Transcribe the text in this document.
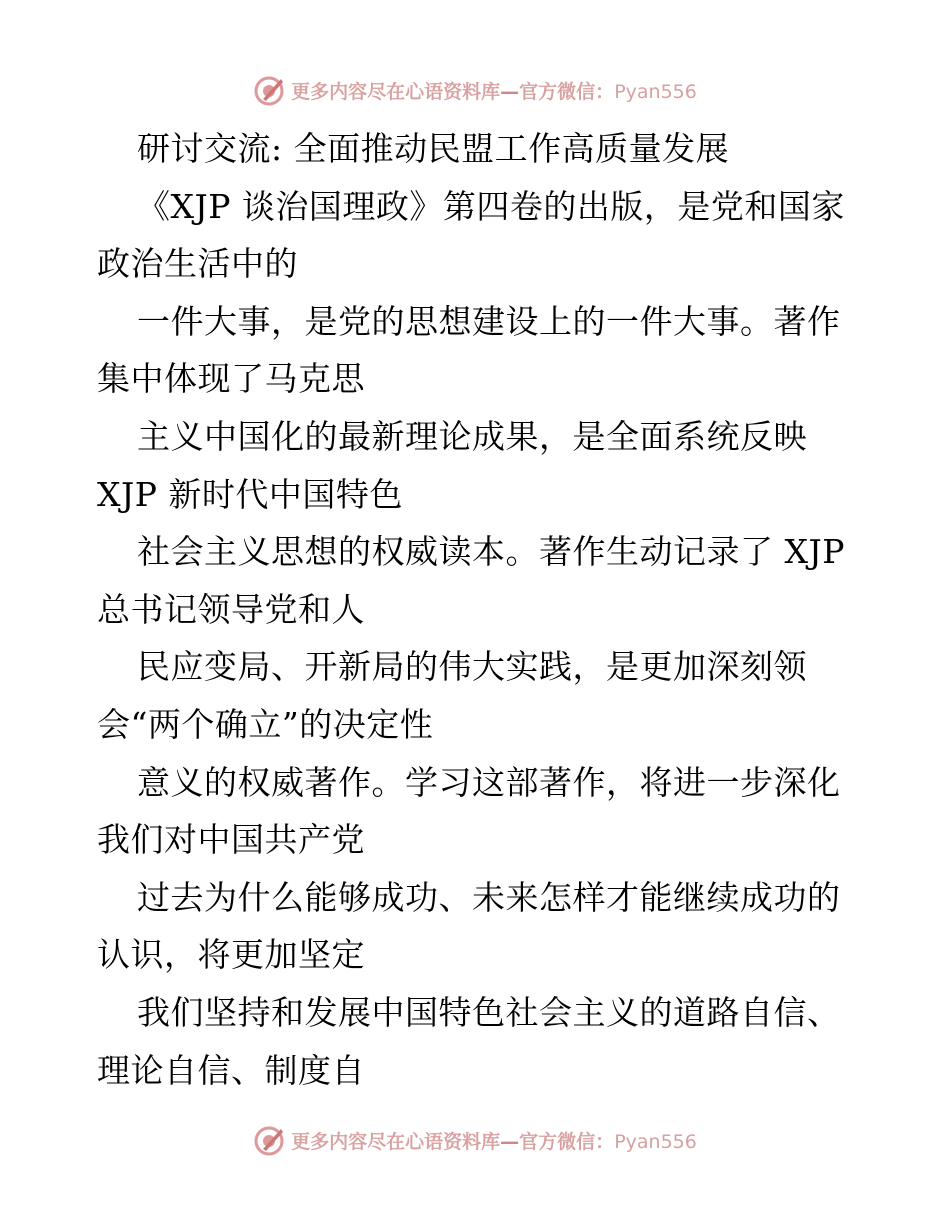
更多内容尽在心语资料库—官方微信：Pyan556
研讨交流: 全面推动民盟工作高质量发展
《XJP 谈治国理政》第四卷的出版，是党和国家
政治生活中的
一件大事，是党的思想建设上的一件大事。著作
集中体现了马克思
主义中国化的最新理论成果，是全面系统反映
XJP 新时代中国特色
社会主义思想的权威读本。著作生动记录了 XJP
总书记领导党和人
民应变局、开新局的伟大实践，是更加深刻领
会“两个确立”的决定性
意义的权威著作。学习这部著作，将进一步深化
我们对中国共产党
过去为什么能够成功、未来怎样才能继续成功的
认识，将更加坚定
我们坚持和发展中国特色社会主义的道路自信、
理论自信、制度自
更多内容尽在心语资料库—官方微信：Pyan556
